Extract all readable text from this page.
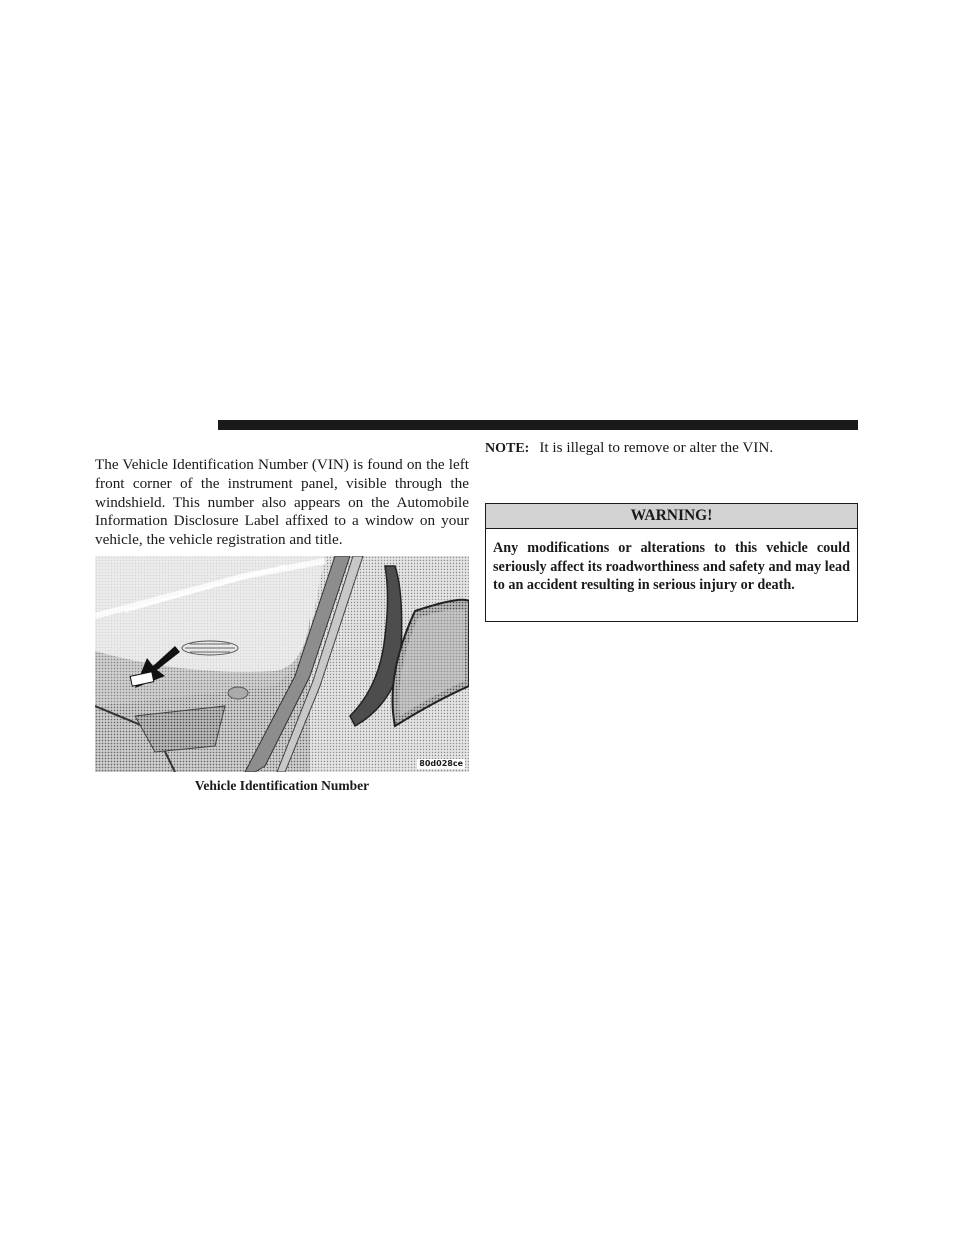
The Vehicle Identification Number (VIN) is found on the left front corner of the instrument panel, visible through the windshield. This number also appears on the Automobile Information Disclosure Label affixed to a window on your vehicle, the vehicle registration and title.

80d028ce
Vehicle Identification Number
NOTE: It is illegal to remove or alter the VIN.
WARNING!
Any modifications or alterations to this vehicle could seriously affect its roadworthiness and safety and may lead to an accident resulting in serious injury or death.
